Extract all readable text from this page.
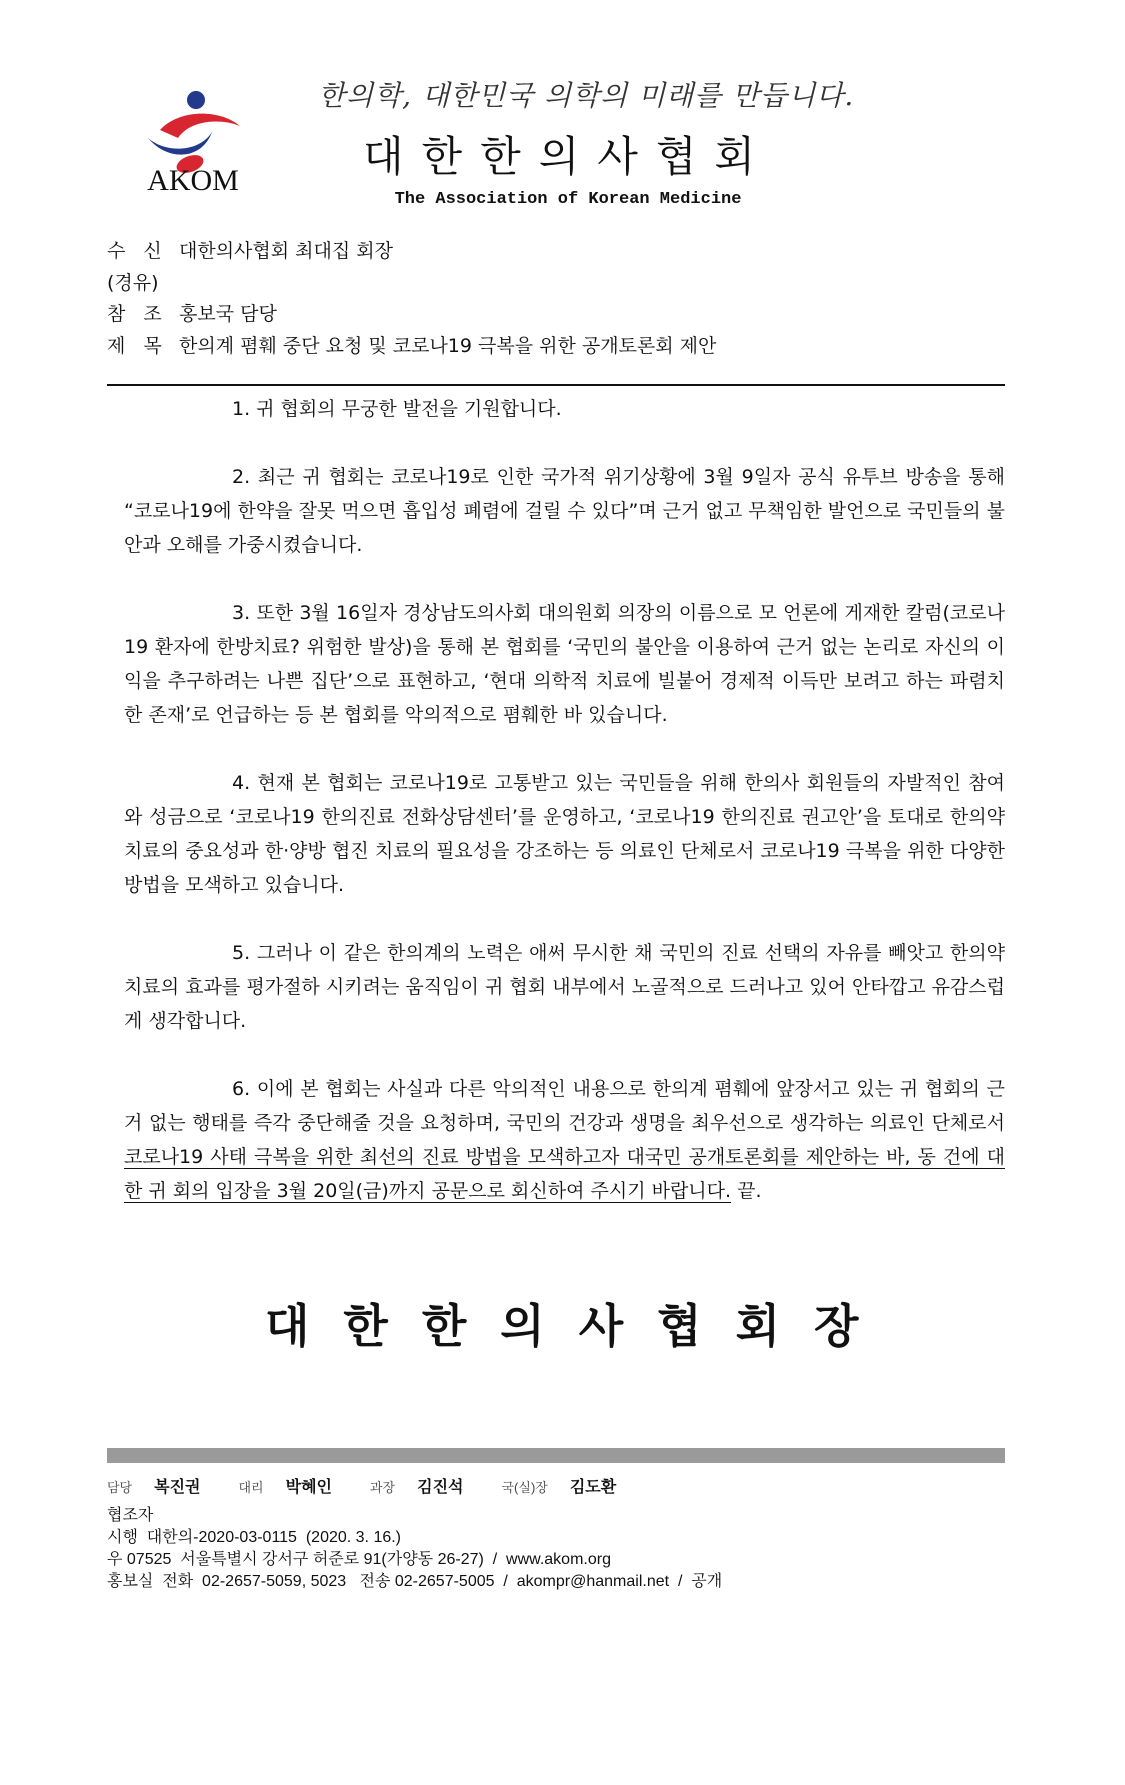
한의학, 대한민국 의학의 미래를 만듭니다.
AKOM	대한한의사협회
The Association of Korean Medicine
수 신 대한의사협회 최대집 회장
(경유)
참 조 홍보국 담당
제 목 한의계 폄훼 중단 요청 및 코로나19 극복을 위한 공개토론회 제안
1. 귀 협회의 무궁한 발전을 기원합니다.
2. 최근 귀 협회는 코로나19로 인한 국가적 위기상황에 3월 9일자 공식 유투브 방송을 통해 “코로나19에 한약을 잘못 먹으면 흡입성 폐렴에 걸릴 수 있다”며 근거 없고 무책임한 발언으로 국민들의 불안과 오해를 가중시켰습니다.
3. 또한 3월 16일자 경상남도의사회 대의원회 의장의 이름으로 모 언론에 게재한 칼럼(코로나19 환자에 한방치료? 위험한 발상)을 통해 본 협회를 ‘국민의 불안을 이용하여 근거 없는 논리로 자신의 이익을 추구하려는 나쁜 집단’으로 표현하고, ‘현대 의학적 치료에 빌붙어 경제적 이득만 보려고 하는 파렴치한 존재’로 언급하는 등 본 협회를 악의적으로 폄훼한 바 있습니다.
4. 현재 본 협회는 코로나19로 고통받고 있는 국민들을 위해 한의사 회원들의 자발적인 참여와 성금으로 ‘코로나19 한의진료 전화상담센터’를 운영하고, ‘코로나19 한의진료 권고안’을 토대로 한의약 치료의 중요성과 한·양방 협진 치료의 필요성을 강조하는 등 의료인 단체로서 코로나19 극복을 위한 다양한 방법을 모색하고 있습니다.
5. 그러나 이 같은 한의계의 노력은 애써 무시한 채 국민의 진료 선택의 자유를 빼앗고 한의약 치료의 효과를 평가절하 시키려는 움직임이 귀 협회 내부에서 노골적으로 드러나고 있어 안타깝고 유감스럽게 생각합니다.
6. 이에 본 협회는 사실과 다른 악의적인 내용으로 한의계 폄훼에 앞장서고 있는 귀 협회의 근거 없는 행태를 즉각 중단해줄 것을 요청하며, 국민의 건강과 생명을 최우선으로 생각하는 의료인 단체로서 코로나19 사태 극복을 위한 최선의 진료 방법을 모색하고자 대국민 공개토론회를 제안하는 바, 동 건에 대한 귀 회의 입장을 3월 20일(금)까지 공문으로 회신하여 주시기 바랍니다. 끝.
대한한의사협회장
담당 복진권	대리 박혜인	과장 김진석	국(실)장 김도환
협조자
시행  대한의-2020-03-0115  (2020. 3. 16.)
우 07525  서울특별시 강서구 허준로 91(가양동 26-27)  /  www.akom.org
홍보실  전화  02-2657-5059, 5023   전송 02-2657-5005  /  akompr@hanmail.net  /  공개
